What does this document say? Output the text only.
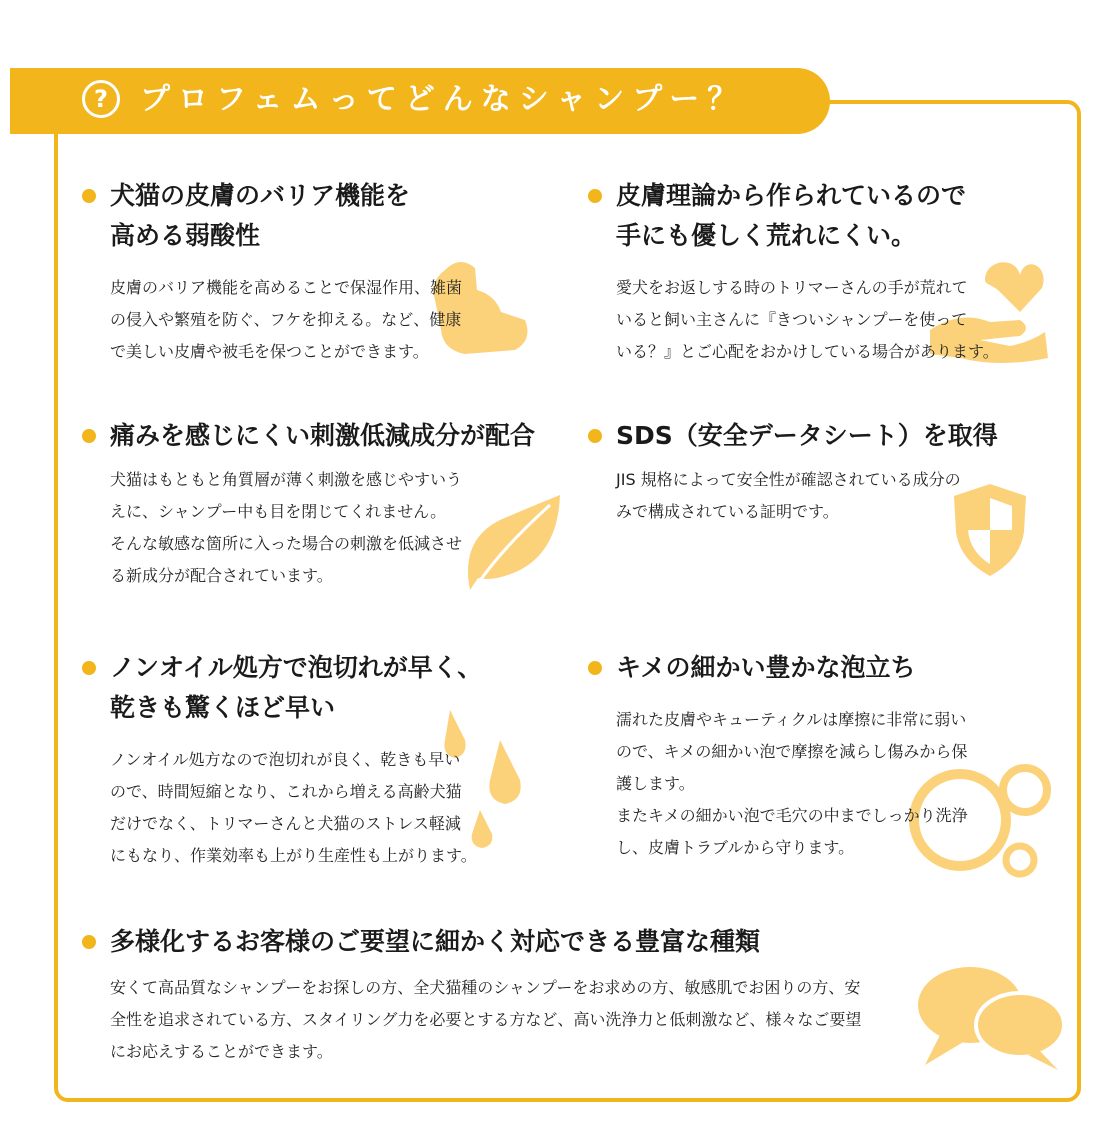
?	プロフェムってどんなシャンプー？
犬猫の皮膚のバリア機能を
高める弱酸性
皮膚のバリア機能を高めることで保湿作用、雑菌
の侵入や繁殖を防ぐ、フケを抑える。など、健康
で美しい皮膚や被毛を保つことができます。
皮膚理論から作られているので
手にも優しく荒れにくい。
愛犬をお返しする時のトリマーさんの手が荒れて
いると飼い主さんに『きついシャンプーを使って
いる？』とご心配をおかけしている場合があります。
痛みを感じにくい刺激低減成分が配合
犬猫はもともと角質層が薄く刺激を感じやすいう
えに、シャンプー中も目を閉じてくれません。
そんな敏感な箇所に入った場合の刺激を低減させ
る新成分が配合されています。
SDS（安全データシート）を取得
JIS 規格によって安全性が確認されている成分の
みで構成されている証明です。
ノンオイル処方で泡切れが早く、
乾きも驚くほど早い
ノンオイル処方なので泡切れが良く、乾きも早い
ので、時間短縮となり、これから増える高齢犬猫
だけでなく、トリマーさんと犬猫のストレス軽減
にもなり、作業効率も上がり生産性も上がります。
キメの細かい豊かな泡立ち
濡れた皮膚やキューティクルは摩擦に非常に弱い
ので、キメの細かい泡で摩擦を減らし傷みから保
護します。
またキメの細かい泡で毛穴の中までしっかり洗浄
し、皮膚トラブルから守ります。
多様化するお客様のご要望に細かく対応できる豊富な種類
安くて高品質なシャンプーをお探しの方、全犬猫種のシャンプーをお求めの方、敏感肌でお困りの方、安
全性を追求されている方、スタイリング力を必要とする方など、高い洗浄力と低刺激など、様々なご要望
にお応えすることができます。
